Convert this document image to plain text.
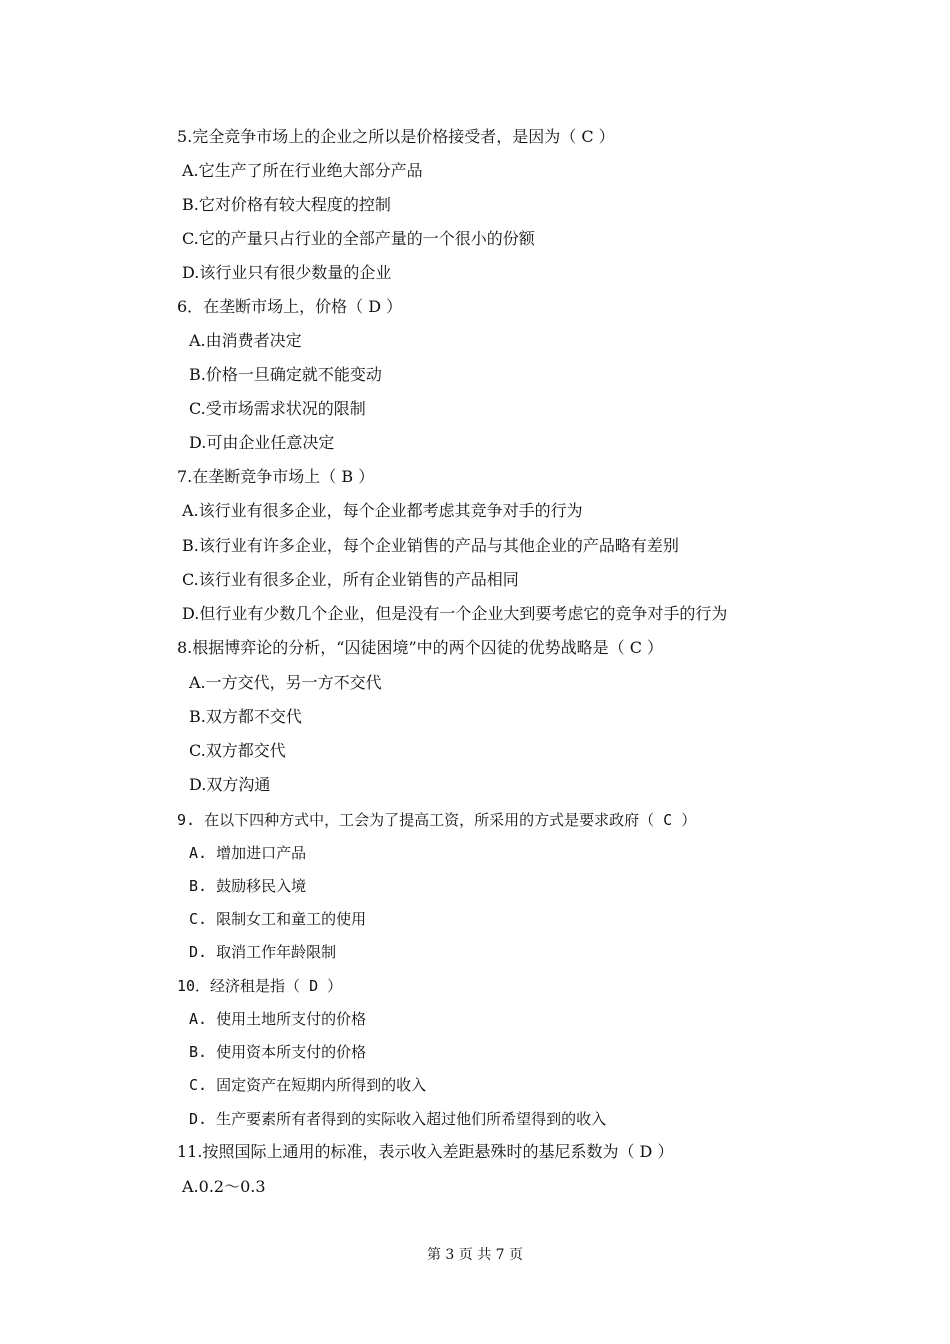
5.完全竞争市场上的企业之所以是价格接受者，是因为（ C ）
A.它生产了所在行业绝大部分产品
B.它对价格有较大程度的控制
C.它的产量只占行业的全部产量的一个很小的份额
D.该行业只有很少数量的企业
6．在垄断市场上，价格（ D ）
A.由消费者决定
B.价格一旦确定就不能变动
C.受市场需求状况的限制
D.可由企业任意决定
7.在垄断竞争市场上（ B ）
A.该行业有很多企业，每个企业都考虑其竞争对手的行为
B.该行业有许多企业，每个企业销售的产品与其他企业的产品略有差别
C.该行业有很多企业，所有企业销售的产品相同
D.但行业有少数几个企业，但是没有一个企业大到要考虑它的竞争对手的行为
8.根据博弈论的分析，“囚徒困境”中的两个囚徒的优势战略是（ C ）
A.一方交代，另一方不交代
B.双方都不交代
C.双方都交代
D.双方沟通
9. 在以下四种方式中，工会为了提高工资，所采用的方式是要求政府（ C ）
A. 增加进口产品
B. 鼓励移民入境
C. 限制女工和童工的使用
D. 取消工作年龄限制
10．经济租是指（ D ）
A. 使用土地所支付的价格
B. 使用资本所支付的价格
C. 固定资产在短期内所得到的收入
D. 生产要素所有者得到的实际收入超过他们所希望得到的收入
11.按照国际上通用的标准，表示收入差距悬殊时的基尼系数为（ D ）
A.0.2～0.3
第 3 页 共 7 页
